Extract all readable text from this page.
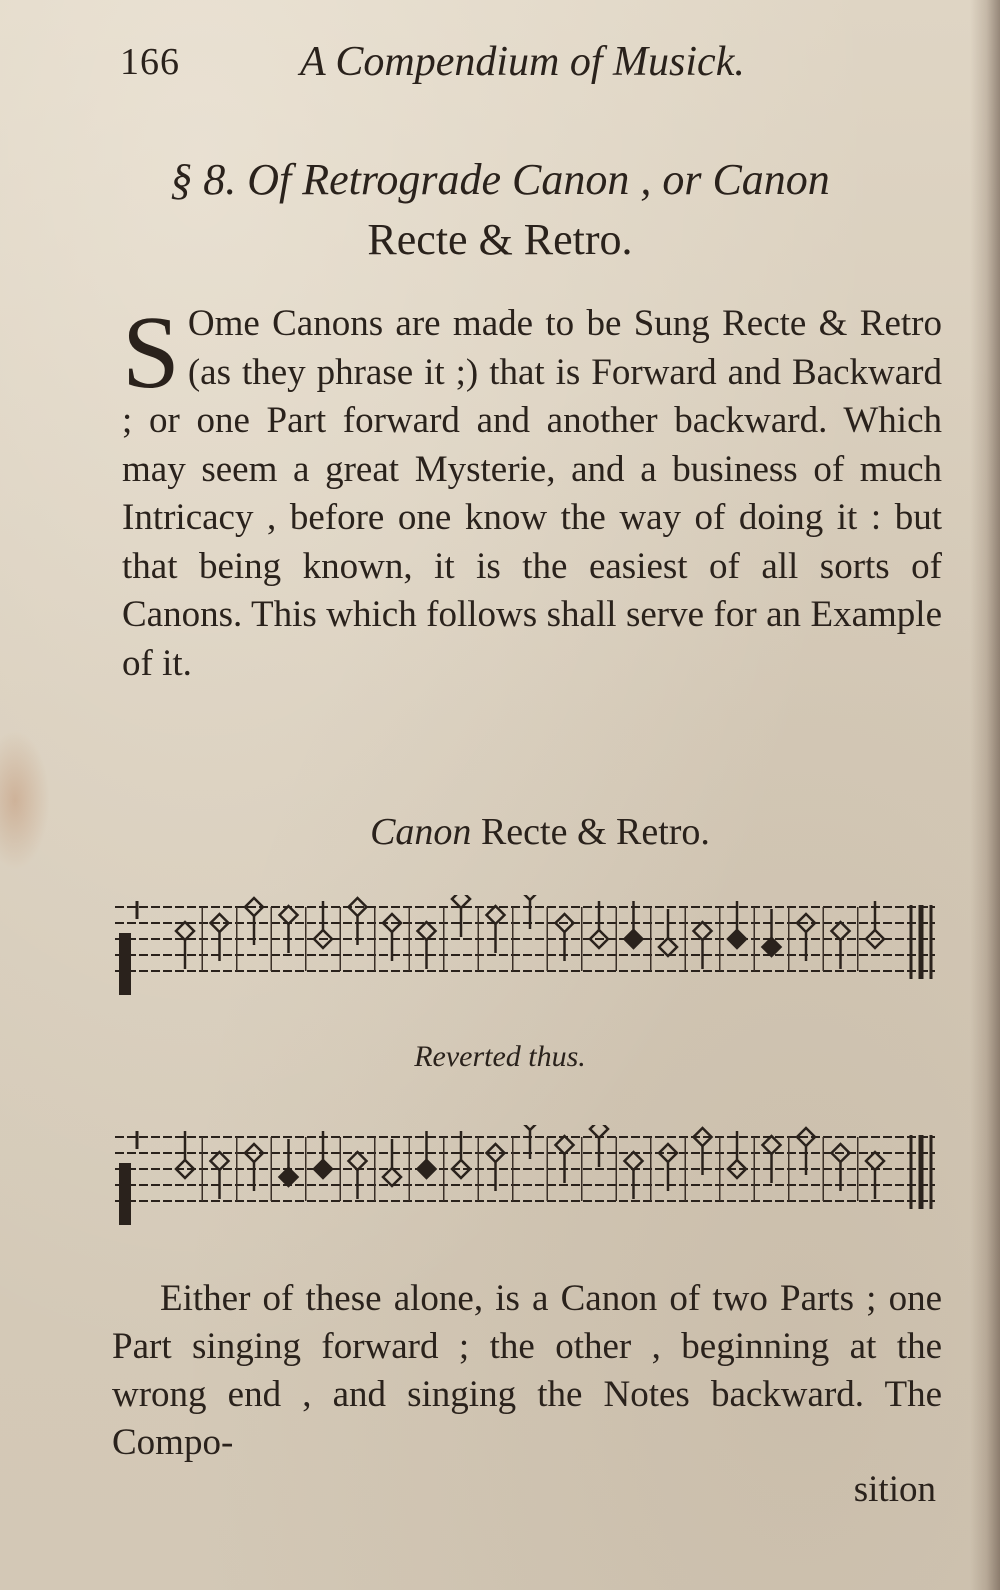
166	A Compendium of Musick.
§ 8. Of Retrograde Canon , or Canon
Recte & Retro.
S Ome Canons are made to be Sung Recte & Retro (as they phrase it ;) that is Forward and Backward ; or one Part forward and another backward. Which may seem a great Mysterie, and a business of much Intricacy , before one know the way of doing it : but that being known, it is the easiest of all sorts of Canons. This which follows shall serve for an Example of it.
Canon Recte & Retro.
Reverted thus.
Either of these alone, is a Canon of two Parts ; one Part singing forward ; the other , beginning at the wrong end , and singing the Notes backward. The Compo-
sition
